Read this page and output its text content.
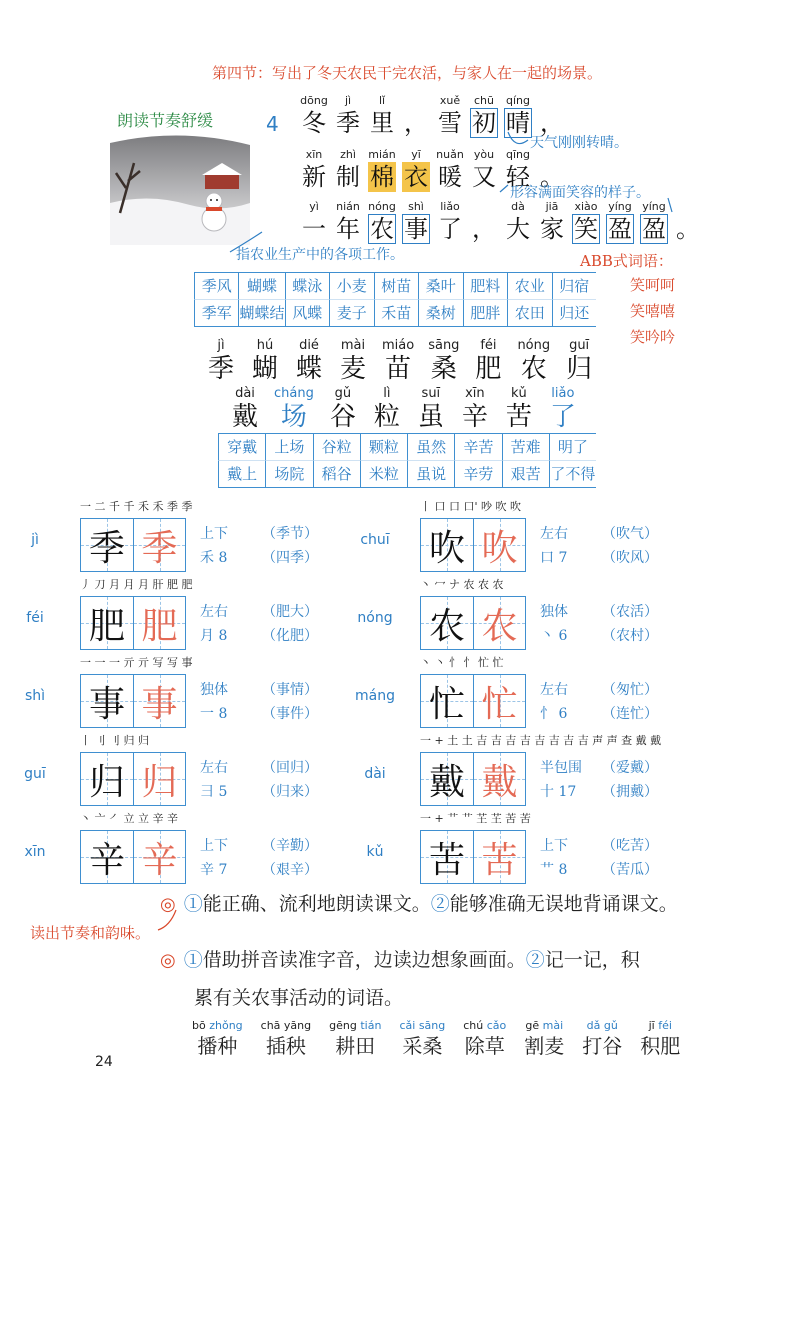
第四节：写出了冬天农民干完农活，与家人在一起的场景。
朗读节奏舒缓	4
dōng
冬
jì
季
lǐ
里 ，
xuě
雪
chū
初
qíng
晴 ，
xīn
新
zhì
制
mián
棉
yī
衣
nuǎn
暖
yòu
又
qīng
轻 。
yì
一
nián
年
nóng
农
shì
事
liǎo
了 ，
dà
大
jiā
家
xiào
笑
yíng
盈
yíng
盈 。
天气刚刚转晴。
形容满面笑容的样子。
指农业生产中的各项工作。	ABB式词语：
笑呵呵
笑嘻嘻
笑吟吟
季风	蝴蝶	蝶泳 小麦 树苗 桑叶 肥料 农业 归宿
季军 蝴蝶结 风蝶 麦子 禾苗 桑树 肥胖 农田 归还
jì
季
hú
蝴
dié
蝶
mài
麦
miáo
苗
sāng
桑
féi
肥
nóng
农
guī
归
dài
戴
cháng
场
gǔ
谷
lì
粒
suī
虽
xīn
辛
kǔ
苦
liǎo
了
穿戴	上场	谷粒	颗粒	虽然	辛苦	苦难	明了
戴上	场院	稻谷	米粒	虽说	辛劳	艰苦 了不得
一 二 千 千 禾 禾 季 季
jì	季 季	上下 （季节）
禾 8 （四季）
丿 刀 月 月 月 肝 肥 肥
féi	肥 肥	左右 （肥大）
月 8 （化肥）
一 一 一 亓 亓 写 写 事
shì	事 事	独体 （事情）
一 8 （事件）
丨 刂 刂 归 归
guī	归 归	左右 （回归）
彐 5 （归来）
丶 亠 ㇒ 立 立 辛 辛
xīn	辛 辛	上下 （辛勤）
辛 7 （艰辛）
丨 口 口 口' 吵 吹 吹
chuī	吹 吹	左右 （吹气）
口 7 （吹风）
丶 冖 ナ 农 农 农
nóng	农 农	独体 （农活）
丶 6 （农村）
丶 丶 忄 忄 忙 忙
máng 忙 忙	左右 （匆忙）
忄 6 （连忙）
一 + 土 土 吉 吉 吉 吉 吉 吉 吉 吉 声 声 查 戴 戴
dài	戴 戴	半包围 （爱戴）
十 17 （拥戴）
一 + 艹 艹 芏 芏 苦 苦
kǔ	苦 苦	上下 （吃苦）
艹 8 （苦瓜）
◎ ①能正确、流利地朗读课文。②能够准确无误地背诵课文。
读出节奏和韵味。
◎ ①借助拼音读准字音，边读边想象画面。②记一记，积
累有关农事活动的词语。
bō zhǒng
播种
chā yāng
插秧
gēng tián
耕田
cǎi sāng
采桑
chú cǎo
除草
gē mài
割麦
dǎ gǔ
打谷
jī féi
积肥
24
